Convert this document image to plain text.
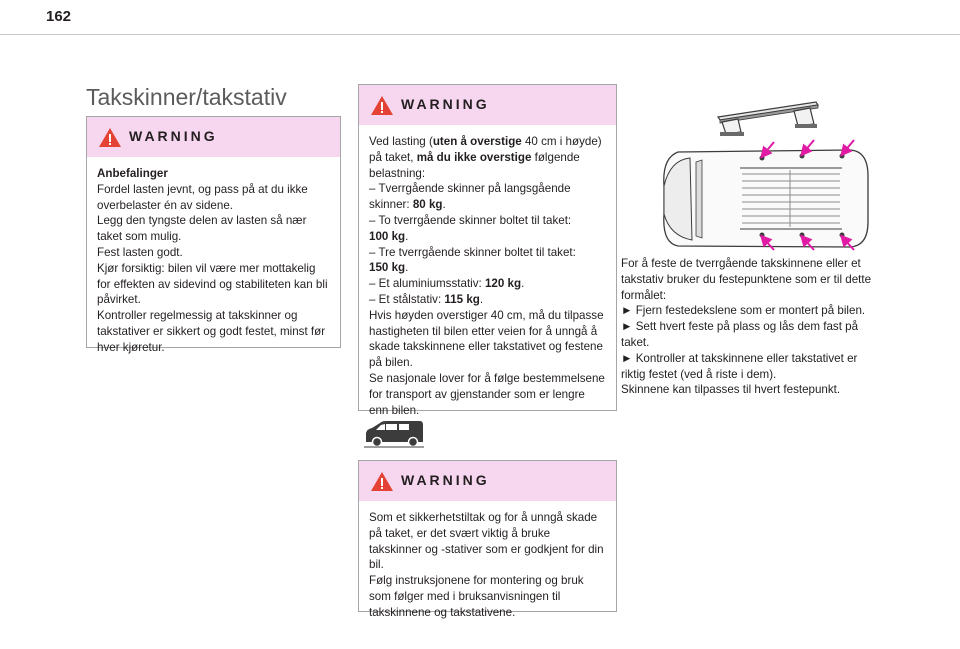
162
Takskinner/takstativ
WARNING

Anbefalinger

Fordel lasten jevnt, og pass på at du ikke

overbelaster én av sidene.

Legg den tyngste delen av lasten så nær

taket som mulig.

Fest lasten godt.

Kjør forsiktig: bilen vil være mer mottakelig

for effekten av sidevind og stabiliteten kan bli

påvirket.

Kontroller regelmessig at takskinner og

takstativer er sikkert og godt festet, minst før

hver kjøretur.

WARNING

Ved lasting (uten å overstige 40 cm i høyde)

på taket, må du ikke overstige følgende

belastning:

– Tverrgående skinner på langsgående

skinner: 80 kg.

– To tverrgående skinner boltet til taket:

100 kg.

– Tre tverrgående skinner boltet til taket:

150 kg.

– Et aluminiumsstativ: 120 kg.

– Et stålstativ: 115 kg.

Hvis høyden overstiger 40 cm, må du tilpasse

hastigheten til bilen etter veien for å unngå å

skade takskinnene eller takstativet og festene

på bilen.

Se nasjonale lover for å følge bestemmelsene

for transport av gjenstander som er lengre

enn bilen.

WARNING

Som et sikkerhetstiltak og for å unngå skade

på taket, er det svært viktig å bruke

takskinner og -stativer som er godkjent for din

bil.

Følg instruksjonene for montering og bruk

som følger med i bruksanvisningen til

takskinnene og takstativene.

For å feste de tverrgående takskinnene eller et

takstativ bruker du festepunktene som er til dette

formålet:

► Fjern festedekslene som er montert på bilen.

► Sett hvert feste på plass og lås dem fast på

taket.

► Kontroller at takskinnene eller takstativet er

riktig festet (ved å riste i dem).

Skinnene kan tilpasses til hvert festepunkt.
